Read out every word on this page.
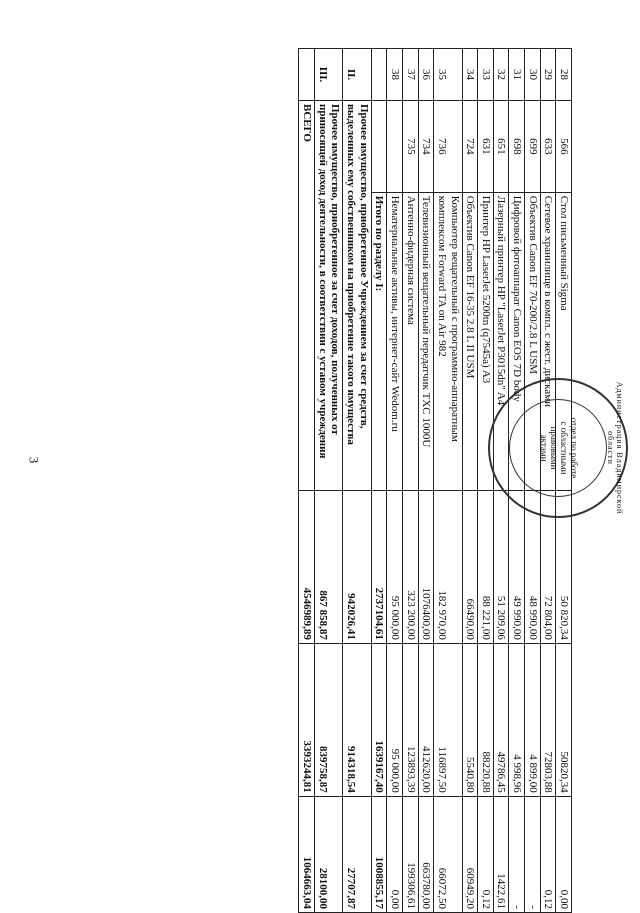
3
28	566	Стол письменный Sigma	50 820,34	50820,34	0,00
29	633	Сетевое хранилище в компл. с жест. дисками	72 804,00	72803,88	0,12
30	699	Объектив Canon EF 70-200/2.8 L USM	48 990,00	4 899,00	-
31	698	Цифровой фотоаппарат Canon EOS 7D body	49 990,00	4 998,96	-
32	651	Лазерный принтер HP "LaserJet P3015dn" A4	51 209,06	49786,45	1422,61
33	631	Принтер HP LaserJet 5200tn (q7545a) A3	88 221,00	88220,88	0,12
34	724	Объектив Canon EF 16-35 2.8 L II USM	66490,00	5540,80	60949,20
35	736	Компьютер вещательный с программно-аппаратным комплексом Forward TA on Air 982	182 970,00	116897,50	66072,50
36	734	Телевизионный вещательный передатчик TXC 1000U	1076400,00	412620,00	663780,00
37	735	Антенно-фидерная система	323 200,00	123893,39	199306,61
38		Нематериальные активы, интернет-сайт Wedom.ru	95 000,00	95 000,00	0,00
		Итого по разделу I:	2737104,61	1639167,40	1008855,17
II.	Прочее имущество, приобретенное Учреждением за счет средств, выделенных ему собственником на приобретение такого имущества		942026,41	914318,54	27707,87
III.	Прочее имущество, приобретенное за счет доходов, полученных от приносящей доход деятельности, в соответствии с уставом учреждения		867 858,87	839758,87	28100,00
	ВСЕГО		4546989,89	3393244,81	1064663,04
Администрация Владимирской области
отдел по работе
с областными
правовыми
актами
